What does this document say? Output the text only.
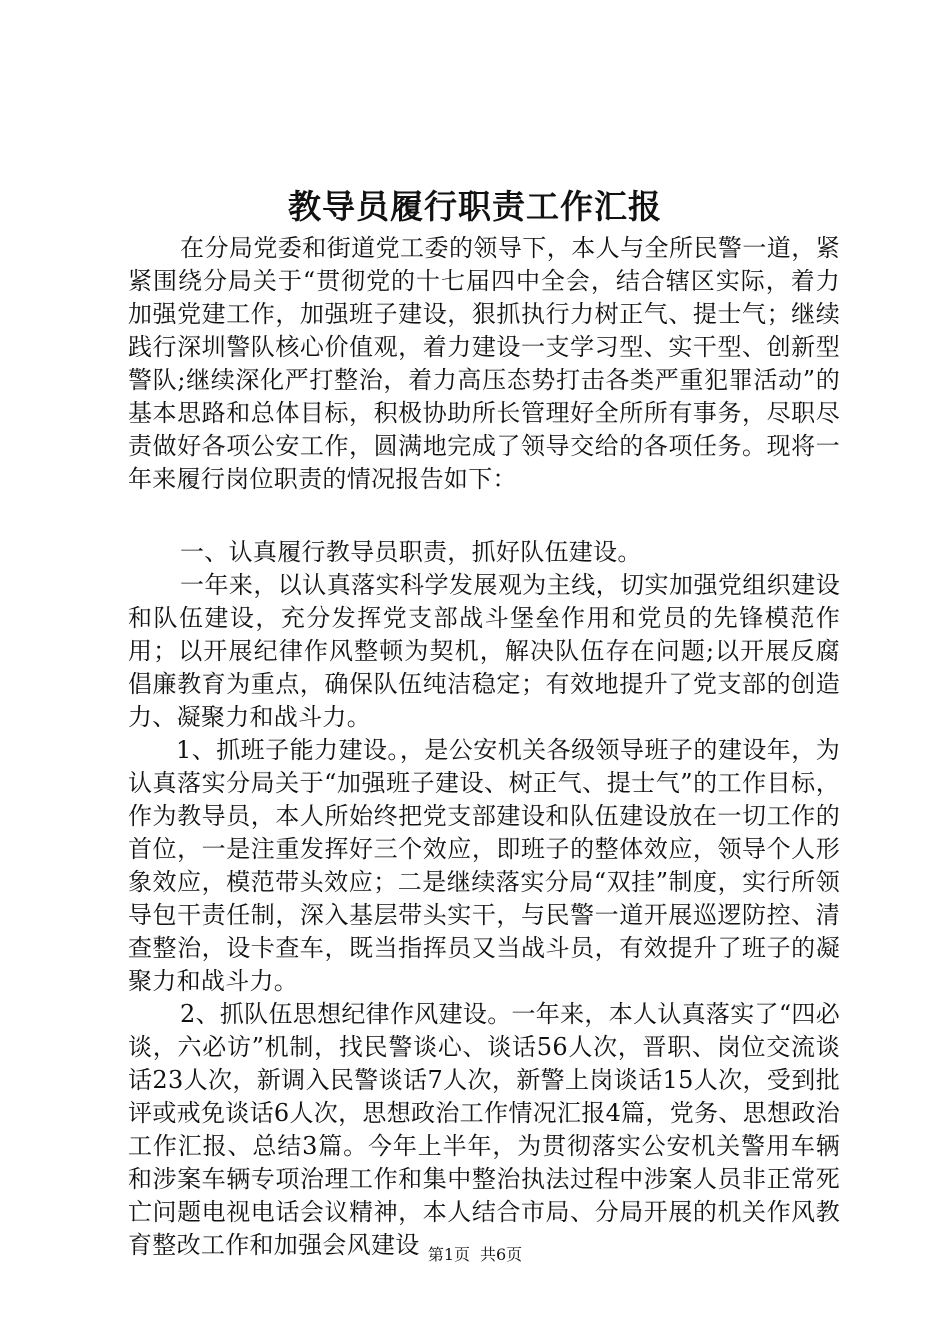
教导员履行职责工作汇报

在分局党委和街道党工委的领导下，本人与全所民警一道，紧紧围绕分局关于“贯彻党的十七届四中全会，结合辖区实际，着力加强党建工作，加强班子建设，狠抓执行力树正气、提士气；继续践行深圳警队核心价值观，着力建设一支学习型、实干型、创新型警队;继续深化严打整治，着力高压态势打击各类严重犯罪活动”的基本思路和总体目标，积极协助所长管理好全所所有事务，尽职尽责做好各项公安工作，圆满地完成了领导交给的各项任务。现将一年来履行岗位职责的情况报告如下：

一、认真履行教导员职责，抓好队伍建设。

一年来，以认真落实科学发展观为主线，切实加强党组织建设和队伍建设，充分发挥党支部战斗堡垒作用和党员的先锋模范作用；以开展纪律作风整顿为契机，解决队伍存在问题;以开展反腐倡廉教育为重点，确保队伍纯洁稳定；有效地提升了党支部的创造力、凝聚力和战斗力。

1、抓班子能力建设。，是公安机关各级领导班子的建设年，为认真落实分局关于“加强班子建设、树正气、提士气”的工作目标，作为教导员，本人所始终把党支部建设和队伍建设放在一切工作的首位，一是注重发挥好三个效应，即班子的整体效应，领导个人形象效应，模范带头效应；二是继续落实分局“双挂”制度，实行所领导包干责任制，深入基层带头实干，与民警一道开展巡逻防控、清查整治，设卡查车，既当指挥员又当战斗员，有效提升了班子的凝聚力和战斗力。

2、抓队伍思想纪律作风建设。一年来，本人认真落实了“四必谈，六必访”机制，找民警谈心、谈话56人次，晋职、岗位交流谈话23人次，新调入民警谈话7人次，新警上岗谈话15人次，受到批评或戒免谈话6人次，思想政治工作情况汇报4篇，党务、思想政治工作汇报、总结3篇。今年上半年，为贯彻落实公安机关警用车辆和涉案车辆专项治理工作和集中整治执法过程中涉案人员非正常死亡问题电视电话会议精神，本人结合市局、分局开展的机关作风教育整改工作和加强会风建设 第1页 共6页
